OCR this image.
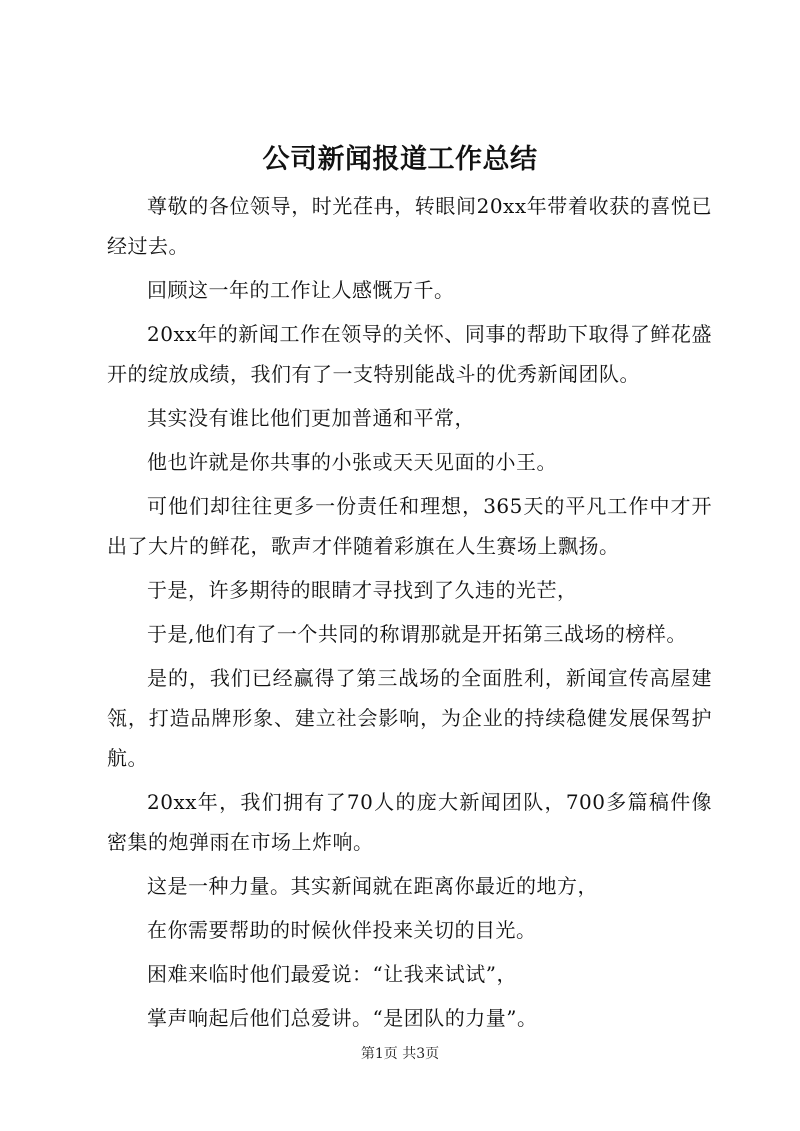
公司新闻报道工作总结

尊敬的各位领导，时光荏冉，转眼间20xx年带着收获的喜悦已经过去。

回顾这一年的工作让人感慨万千。

20xx年的新闻工作在领导的关怀、同事的帮助下取得了鲜花盛开的绽放成绩，我们有了一支特别能战斗的优秀新闻团队。

其实没有谁比他们更加普通和平常，

他也许就是你共事的小张或天天见面的小王。

可他们却往往更多一份责任和理想，365天的平凡工作中才开出了大片的鲜花，歌声才伴随着彩旗在人生赛场上飘扬。

于是，许多期待的眼睛才寻找到了久违的光芒，

于是,他们有了一个共同的称谓那就是开拓第三战场的榜样。

是的，我们已经赢得了第三战场的全面胜利，新闻宣传高屋建瓴，打造品牌形象、建立社会影响，为企业的持续稳健发展保驾护航。

20xx年，我们拥有了70人的庞大新闻团队，700多篇稿件像密集的炮弹雨在市场上炸响。

这是一种力量。其实新闻就在距离你最近的地方，

在你需要帮助的时候伙伴投来关切的目光。

困难来临时他们最爱说：“让我来试试”，

掌声响起后他们总爱讲。“是团队的力量”。

第1页 共3页
